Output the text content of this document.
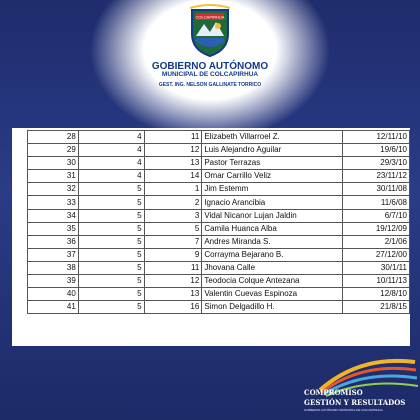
COLCAPIRHUA
GOBIERNO AUTÓNOMO
MUNICIPAL DE COLCAPIRHUA
GEST. ING. NELSON GALLINATE TORRICO
28	4	11	Elizabeth Villarroel Z.	12/11/10
29	4	12	Luis Alejandro Aguilar	19/6/10
30	4	13	Pastor Terrazas	29/3/10
31	4	14	Omar Carrillo Veliz	23/11/12
32	5	1	Jim Estemm	30/11/08
33	5	2	Ignacio Arancibia	11/6/08
34	5	3	Vidal Nicanor Lujan Jaldin	6/7/10
35	5	5	Camila Huanca Alba	19/12/09
36	5	7	Andres Miranda S.	2/1/06
37	5	9	Corrayma Bejarano B.	27/12/00
38	5	11	Jhovana Calle	30/1/11
39	5	12	Teodocia Colque Antezana	10/11/13
40	5	13	Valentin Cuevas Espinoza	12/8/10
41	5	16	Simon Delgadillo H.	21/8/15
COMPROMISO
GESTIÓN Y RESULTADOS
GOBIERNO AUTÓNOMO MUNICIPAL DE COLCAPIRHUA
